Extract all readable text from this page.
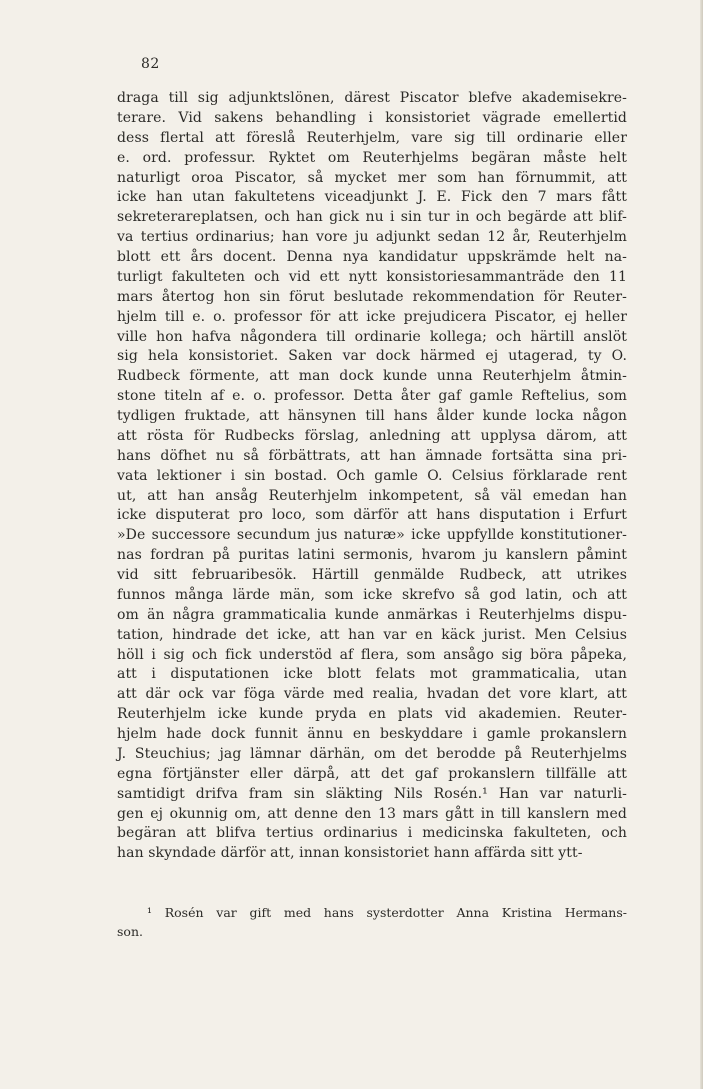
82
draga till sig adjunktslönen, därest Piscator blefve akademisekre-
terare. Vid sakens behandling i konsistoriet vägrade emellertid
dess flertal att föreslå Reuterhjelm, vare sig till ordinarie eller
e. ord. professur. Ryktet om Reuterhjelms begäran måste helt
naturligt oroa Piscator, så mycket mer som han förnummit, att
icke han utan fakultetens viceadjunkt J. E. Fick den 7 mars fått
sekreterareplatsen, och han gick nu i sin tur in och begärde att blif-
va tertius ordinarius; han vore ju adjunkt sedan 12 år, Reuterhjelm
blott ett års docent. Denna nya kandidatur uppskrämde helt na-
turligt fakulteten och vid ett nytt konsistoriesammanträde den 11
mars återtog hon sin förut beslutade rekommendation för Reuter-
hjelm till e. o. professor för att icke prejudicera Piscator, ej heller
ville hon hafva någondera till ordinarie kollega; och härtill anslöt
sig hela konsistoriet. Saken var dock härmed ej utagerad, ty O.
Rudbeck förmente, att man dock kunde unna Reuterhjelm åtmin-
stone titeln af e. o. professor. Detta åter gaf gamle Reftelius, som
tydligen fruktade, att hänsynen till hans ålder kunde locka någon
att rösta för Rudbecks förslag, anledning att upplysa därom, att
hans döfhet nu så förbättrats, att han ämnade fortsätta sina pri-
vata lektioner i sin bostad. Och gamle O. Celsius förklarade rent
ut, att han ansåg Reuterhjelm inkompetent, så väl emedan han
icke disputerat pro loco, som därför att hans disputation i Erfurt
»De successore secundum jus naturæ» icke uppfyllde konstitutioner-
nas fordran på puritas latini sermonis, hvarom ju kanslern påmint
vid sitt februaribesök. Härtill genmälde Rudbeck, att utrikes
funnos många lärde män, som icke skrefvo så god latin, och att
om än några grammaticalia kunde anmärkas i Reuterhjelms dispu-
tation, hindrade det icke, att han var en käck jurist. Men Celsius
höll i sig och fick understöd af flera, som ansågo sig böra påpeka,
att i disputationen icke blott felats mot grammaticalia, utan
att där ock var föga värde med realia, hvadan det vore klart, att
Reuterhjelm icke kunde pryda en plats vid akademien. Reuter-
hjelm hade dock funnit ännu en beskyddare i gamle prokanslern
J. Steuchius; jag lämnar därhän, om det berodde på Reuterhjelms
egna förtjänster eller därpå, att det gaf prokanslern tillfälle att
samtidigt drifva fram sin släkting Nils Rosén.¹ Han var naturli-
gen ej okunnig om, att denne den 13 mars gått in till kanslern med
begäran att blifva tertius ordinarius i medicinska fakulteten, och
han skyndade därför att, innan konsistoriet hann affärda sitt ytt-
¹ Rosén var gift med hans systerdotter Anna Kristina Hermans-
son.
